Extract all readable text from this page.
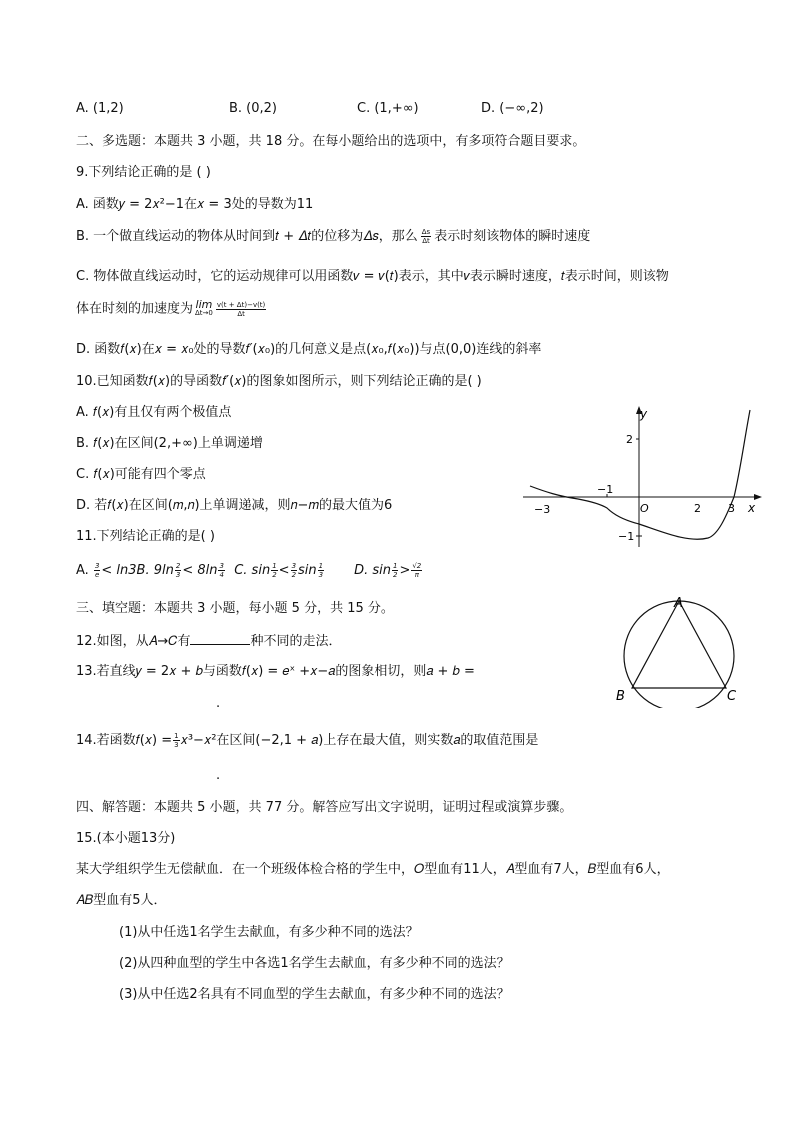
A. (1,2)	B. (0,2)	C. (1,+∞)	D. (−∞,2)
二、多选题：本题共 3 小题，共 18 分。在每小题给出的选项中，有多项符合题目要求。
9.下列结论正确的是 ( )
A. 函数𝑦 = 2𝑥²−1在𝑥 = 3处的导数为11
B. 一个做直线运动的物体从时间到𝑡 + 𝛥𝑡的位移为𝛥𝑠，那么 $\frac{\Delta s}{\Delta t}$ 表示时刻该物体的瞬时速度
C. 物体做直线运动时，它的运动规律可以用函数𝑣 = 𝑣(𝑡)表示，其中𝑣表示瞬时速度，𝑡表示时间，则该物
体在时刻的加速度为 lim
$\Delta t\to 0 \frac{v(t + \Delta t)-v(t)}{\Delta t}$
D. 函数𝑓(𝑥)在𝑥 = 𝑥₀处的导数𝑓′(𝑥₀)的几何意义是点(𝑥₀,𝑓(𝑥₀))与点(0,0)连线的斜率
10.已知函数𝑓(𝑥)的导函数𝑓′(𝑥)的图象如图所示，则下列结论正确的是( )
A. 𝑓(𝑥)有且仅有两个极值点
B. 𝑓(𝑥)在区间(2,+∞)上单调递增
C. 𝑓(𝑥)可能有四个零点
D. 若𝑓(𝑥)在区间(𝑚,𝑛)上单调递减，则𝑛−𝑚的最大值为6
11.下列结论正确的是( )
A. $\frac{3}{e} < \ln 3B$. $9\ln \frac{2}{3} < 8\ln \frac{3}{4} C$. $\sin \frac{1}{2} < \frac{3}{2}$ $\sin \frac{1}{3} D$. $\sin \frac{1}{2} > \frac{√2}{\pi}$
三、填空题：本题共 3 小题，每小题 5 分，共 15 分。
12.如图，从𝐴→𝐶有	种不同的走法．
13.若直线𝑦 = 2𝑥 + 𝑏与函数𝑓(𝑥) = 𝑒ˣ +𝑥−𝑎的图象相切，则𝑎 + 𝑏 =
.
14.若函数𝑓(𝑥) = $\frac{1}{3}$ 𝑥³−𝑥²在区间(−2,1 + 𝑎)上存在最大值，则实数𝑎的取值范围是
.
四、解答题：本题共 5 小题，共 77 分。解答应写出文字说明，证明过程或演算步骤。
15.(本小题13分)
某大学组织学生无偿献血．在一个班级体检合格的学生中，𝑂型血有11人，𝐴型血有7人，𝐵型血有6人，
𝐴𝐵型血有5人．
(1)从中任选1名学生去献血，有多少种不同的选法？
(2)从四种血型的学生中各选1名学生去献血，有多少种不同的选法？
(3)从中任选2名具有不同血型的学生去献血，有多少种不同的选法？
y
x
2
−1
−3
−1
O	2 3
A
B	C
